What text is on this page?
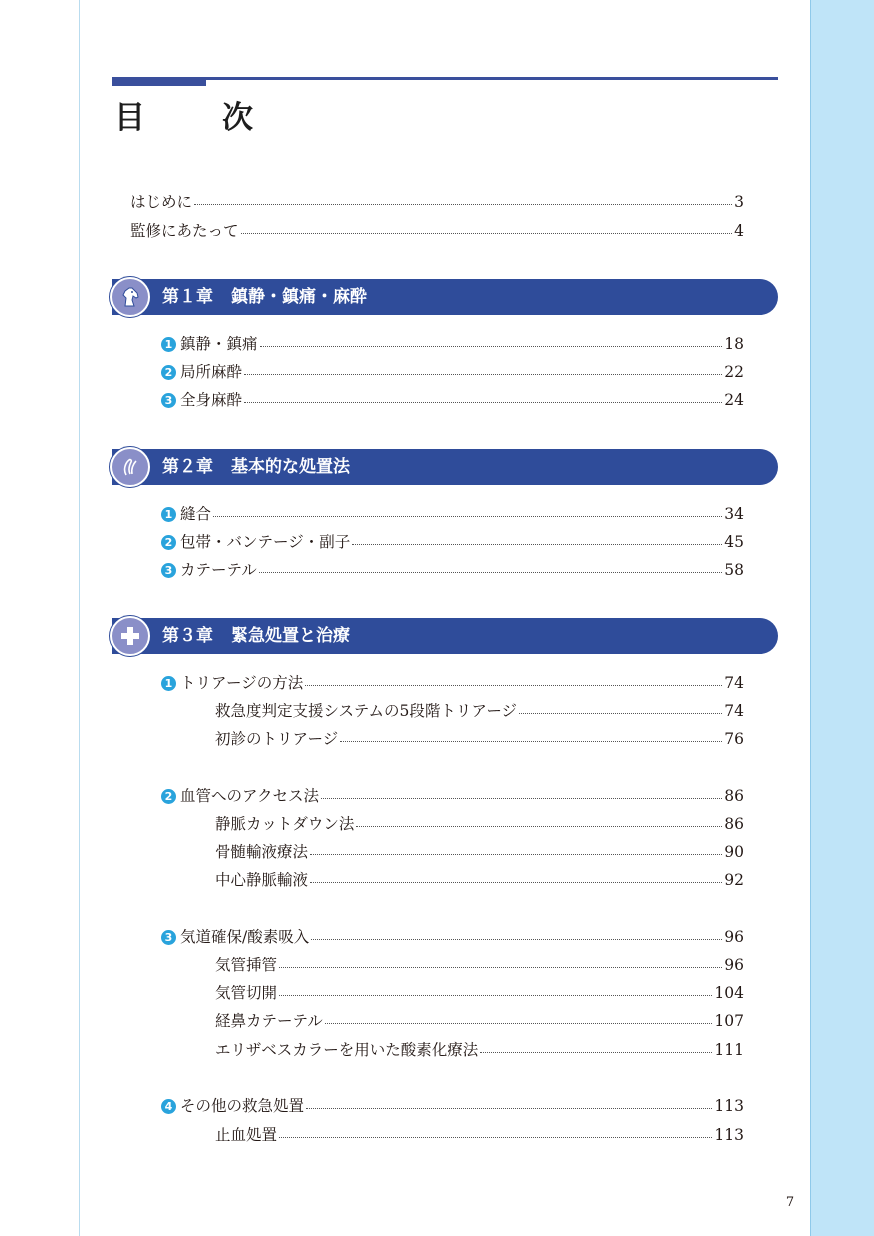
目　次
はじめに	3
監修にあたって	4
第１章 鎮静・鎮痛・麻酔
1 鎮静・鎮痛	18
2 局所麻酔	22
3 全身麻酔	24
第２章 基本的な処置法
1 縫合	34
2 包帯・バンテージ・副子	45
3 カテーテル	58
第３章 緊急処置と治療
1 トリアージの方法	74
救急度判定支援システムの5段階トリアージ	74
初診のトリアージ	76
2 血管へのアクセス法	86
静脈カットダウン法	86
骨髄輸液療法	90
中心静脈輸液	92
3 気道確保/酸素吸入	96
気管挿管	96
気管切開	104
経鼻カテーテル	107
エリザベスカラーを用いた酸素化療法	111
4 その他の救急処置	113
止血処置	113
7
